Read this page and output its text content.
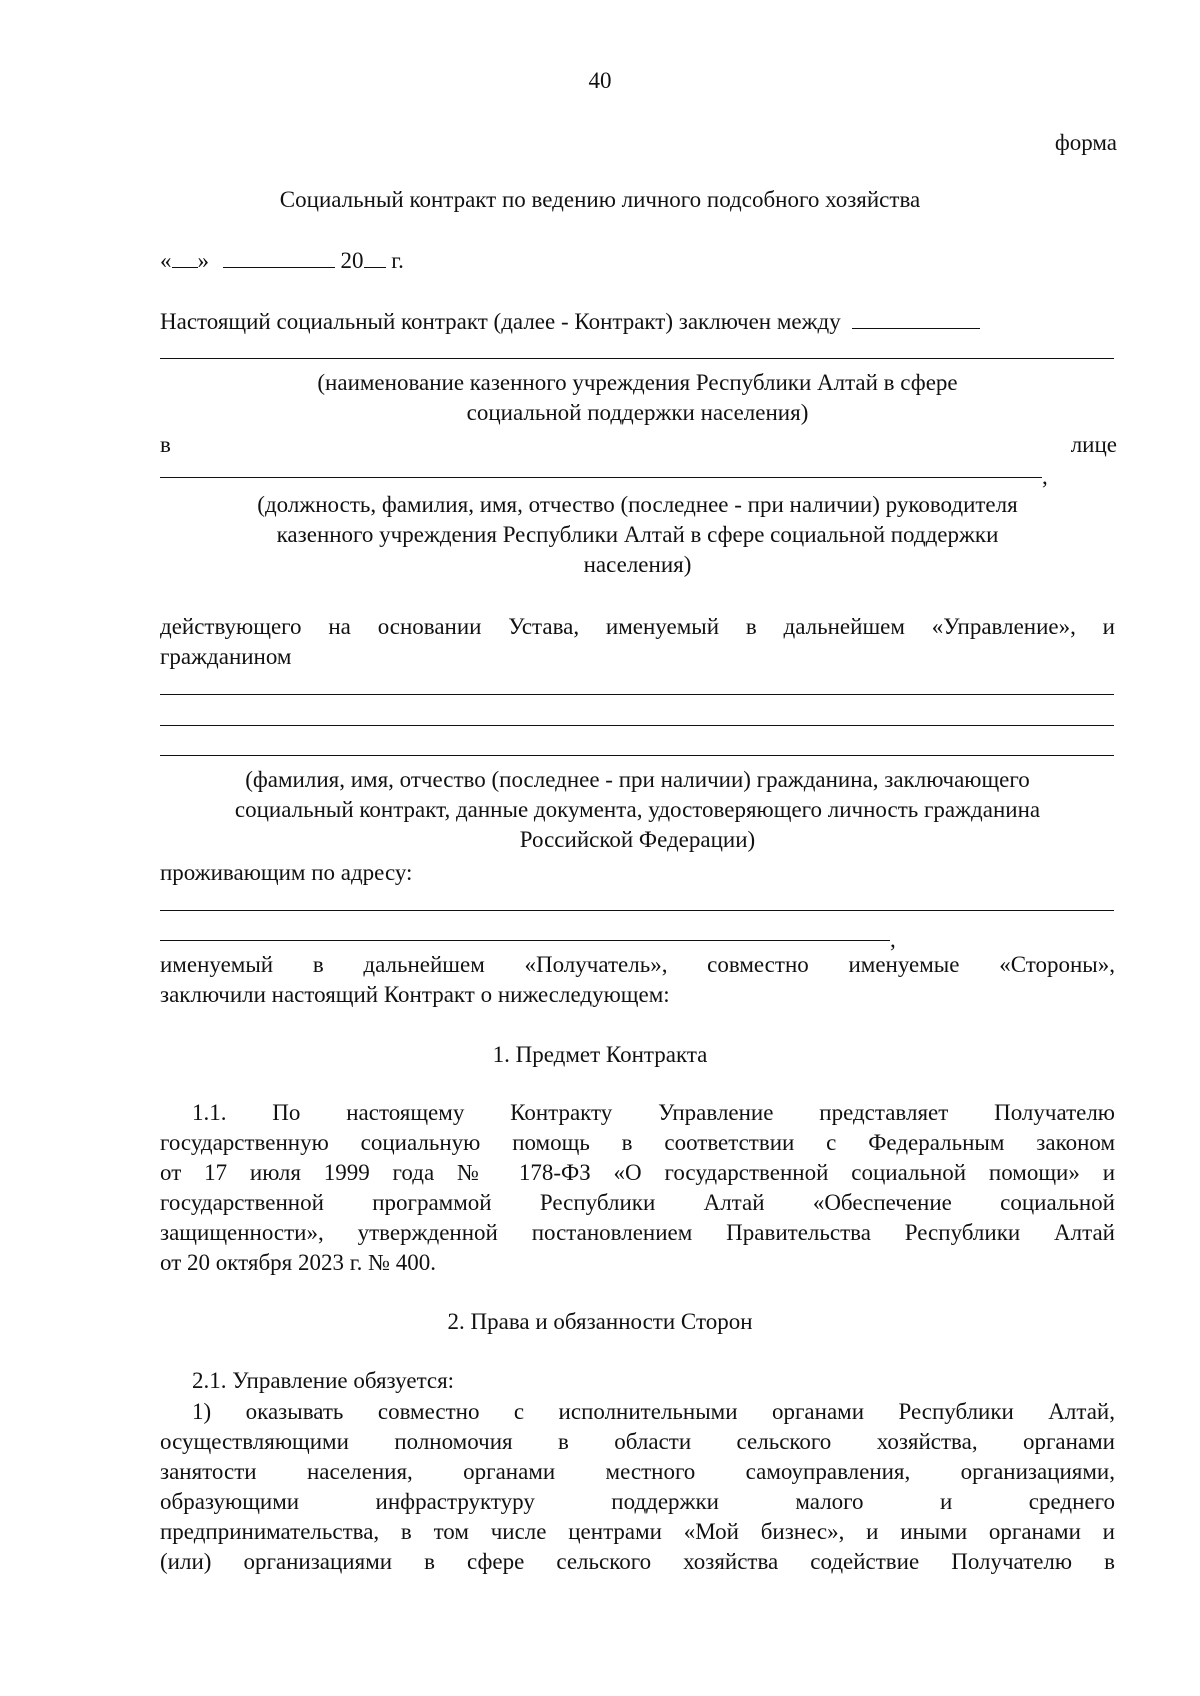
40
форма
Социальный контракт по ведению личного подсобного хозяйства
« »	20 г.
Настоящий социальный контракт (далее - Контракт) заключен между
(наименование казенного учреждения Республики Алтай в сфере
социальной поддержки населения)
в	лице
,
(должность, фамилия, имя, отчество (последнее - при наличии) руководителя
казенного учреждения Республики Алтай в сфере социальной поддержки
населения)
действующего на основании Устава, именуемый в дальнейшем «Управление», и
гражданином
(фамилия, имя, отчество (последнее - при наличии) гражданина, заключающего
социальный контракт, данные документа, удостоверяющего личность гражданина
Российской Федерации)
проживающим по адресу:
,
именуемый в дальнейшем «Получатель», совместно именуемые «Стороны»,
заключили настоящий Контракт о нижеследующем:
1. Предмет Контракта
1.1. По настоящему Контракту Управление представляет Получателю
государственную социальную помощь в соответствии с Федеральным законом
от 17 июля 1999 года № 178-ФЗ «О государственной социальной помощи» и
государственной программой Республики Алтай «Обеспечение социальной
защищенности», утвержденной постановлением Правительства Республики Алтай
от 20 октября 2023 г. № 400.
2. Права и обязанности Сторон
2.1. Управление обязуется:
1) оказывать совместно с исполнительными органами Республики Алтай,
осуществляющими полномочия в области сельского хозяйства, органами
занятости населения, органами местного самоуправления, организациями,
образующими инфраструктуру поддержки малого и среднего
предпринимательства, в том числе центрами «Мой бизнес», и иными органами и
(или) организациями в сфере сельского хозяйства содействие Получателю в
